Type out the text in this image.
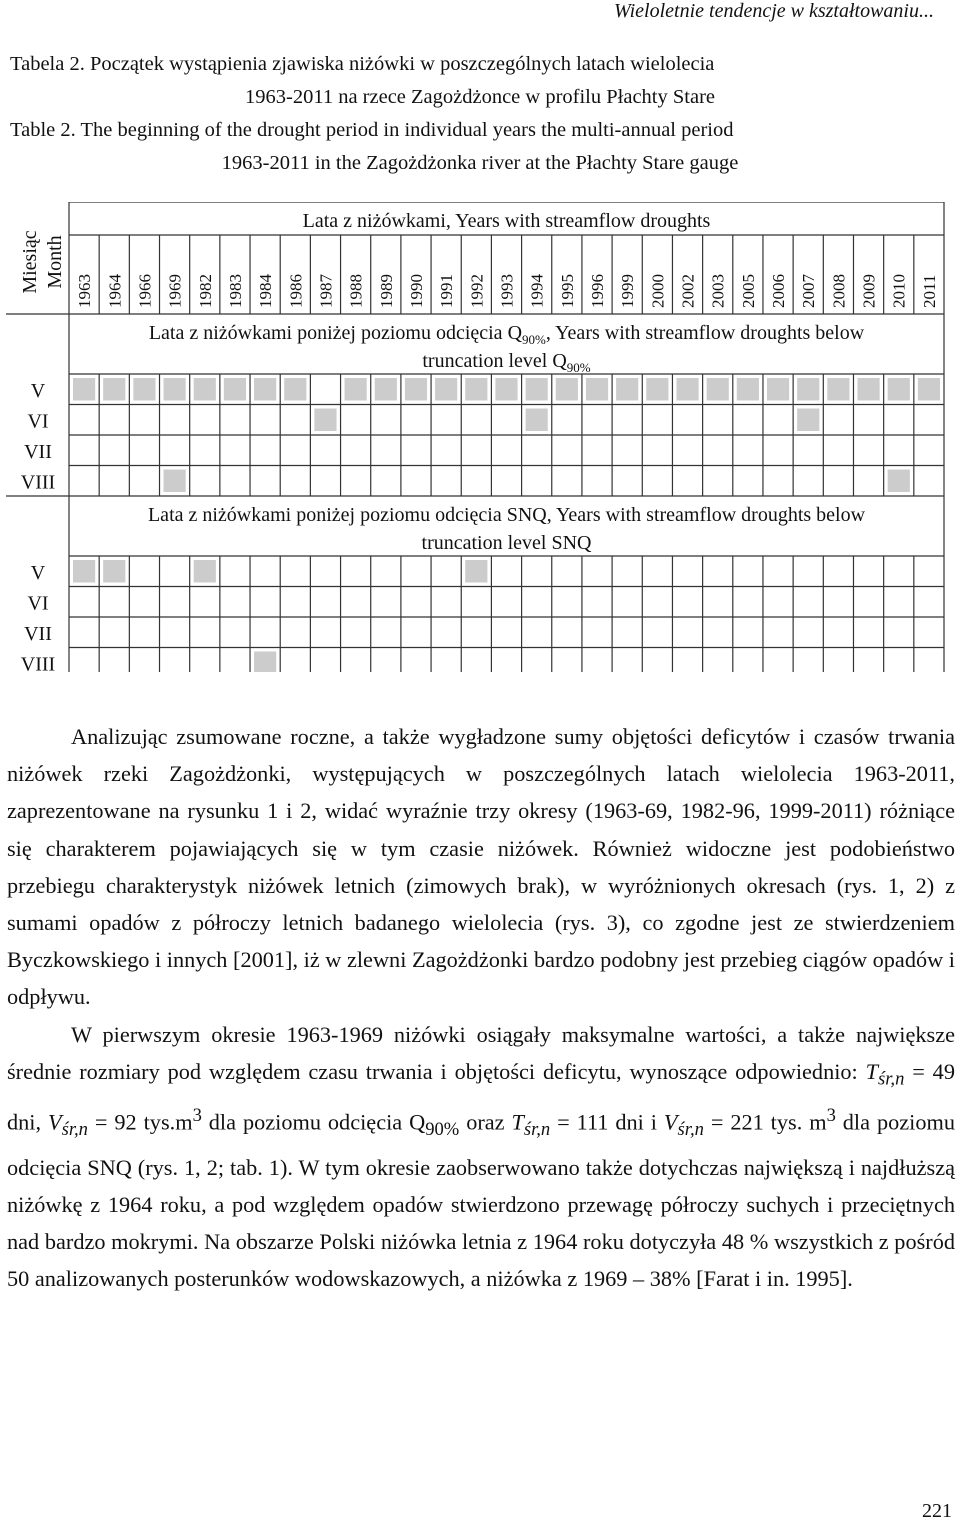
Wieloletnie tendencje w kształtowaniu...
Tabela 2. Początek wystąpienia zjawiska niżówki w poszczególnych latach wielolecia
1963-2011 na rzece Zagożdżonce w profilu Płachty Stare
Table 2. The beginning of the drought period in individual years the multi-annual period
1963-2011 in the Zagożdżonka river at the Płachty Stare gauge
Miesiąc Month
Lata z niżówkami, Years with streamflow droughts
1963 1964 1966 1969 1982 1983 1984 1986 1987 1988 1989 1990 1991 1992 1993 1994 1995 1996 1999 2000 2002 2003 2005 2006 2007 2008 2009 2010 2011
Lata z niżówkami poniżej poziomu odcięcia $Q_{90\%}$, Years with streamflow droughts below
truncation level $Q_{90\%}$
V
VI
VII
VIII
Lata z niżówkami poniżej poziomu odcięcia SNQ, Years with streamflow droughts below
truncation level SNQ
V
VI
VII
VIII

Analizując zsumowane roczne, a także wygładzone sumy objętości deficytów i czasów trwania niżówek rzeki Zagożdżonki, występujących w poszczególnych latach wielolecia 1963-2011, zaprezentowane na rysunku 1 i 2, widać wyraźnie trzy okresy (1963-69, 1982-96, 1999-2011) różniące się charakterem pojawiających się w tym czasie niżówek. Również widoczne jest podobieństwo przebiegu charakterystyk niżówek letnich (zimowych brak), w wyróżnionych okresach (rys. 1, 2) z sumami opadów z półroczy letnich badanego wielolecia (rys. 3), co zgodne jest ze stwierdzeniem Byczkowskiego i innych [2001], iż w zlewni Zagożdżonki bardzo podobny jest przebieg ciągów opadów i odpływu.

W pierwszym okresie 1963-1969 niżówki osiągały maksymalne wartości, a także największe średnie rozmiary pod względem czasu trwania i objętości deficytu, wynoszące odpowiednio: $T_{śr,n} = 49$ dni, $V_{śr,n} = 92$ $tys.m^3$ dla poziomu odcięcia $Q_{90\%}$ oraz $T_{śr,n} = 111$ dni i $V_{śr,n} = 221$ tys. $m^3$ dla poziomu odcięcia SNQ (rys. 1, 2; tab. 1). W tym okresie zaobserwowano także dotychczas największą i najdłuższą niżówkę z 1964 roku, a pod względem opadów stwierdzono przewagę półroczy suchych i przeciętnych nad bardzo mokrymi. Na obszarze Polski niżówka letnia z 1964 roku dotyczyła 48 % wszystkich z pośród 50 analizowanych posterunków wodowskazowych, a niżówka z 1969 – 38% [Farat i in. 1995].

221
